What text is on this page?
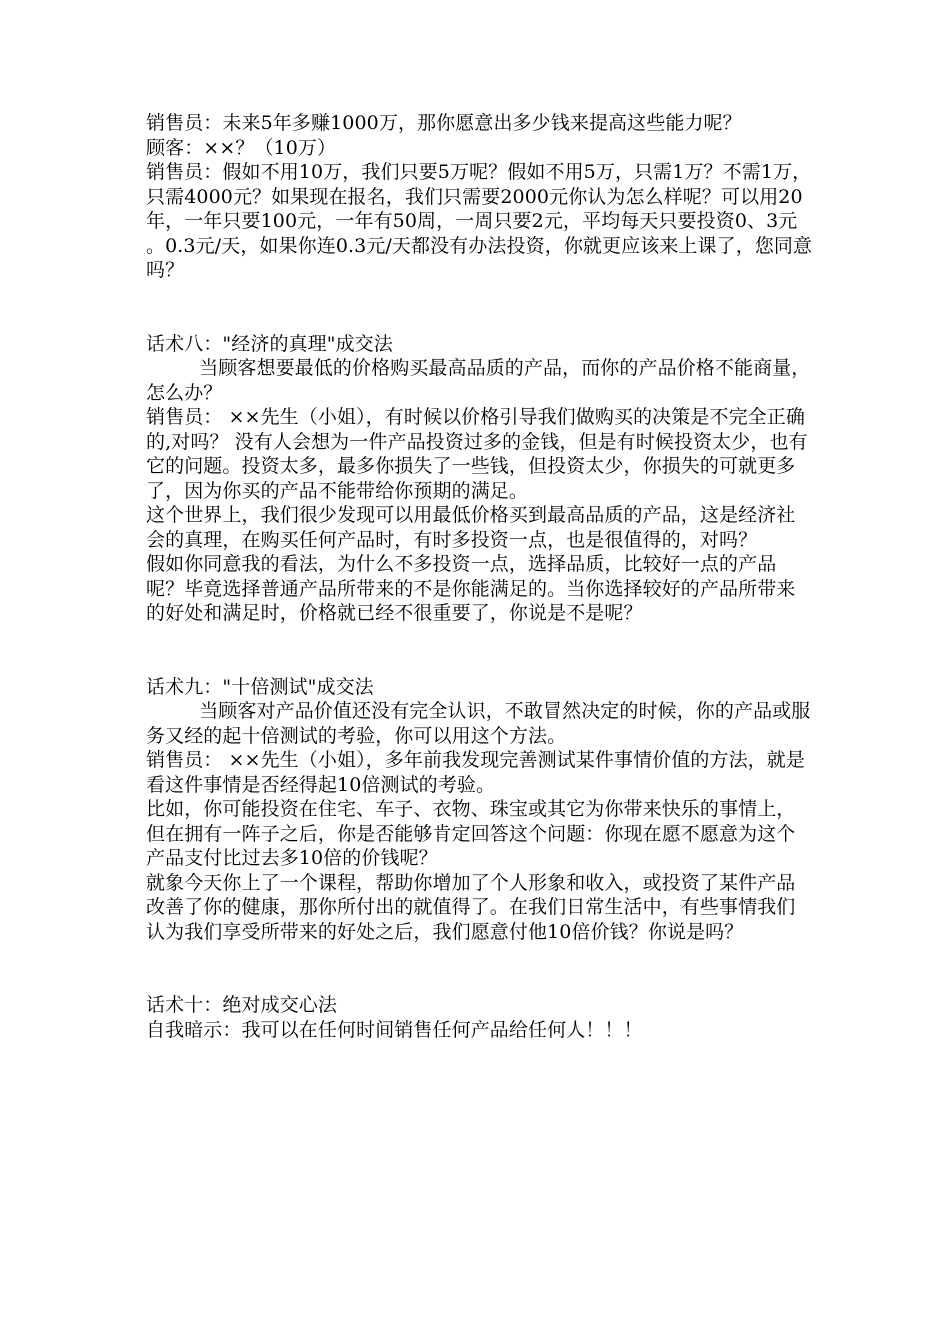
销售员：未来5年多赚1000万，那你愿意出多少钱来提高这些能力呢？

顾客：××？（10万）

销售员：假如不用10万，我们只要5万呢？假如不用5万，只需1万？不需1万，只需4000元？如果现在报名，我们只需要2000元你认为怎么样呢？可以用20年，一年只要100元，一年有50周，一周只要2元，平均每天只要投资0、3元 。0.3元/天，如果你连0.3元/天都没有办法投资，你就更应该来上课了，您同意吗？

话术八："经济的真理"成交法

当顾客想要最低的价格购买最高品质的产品，而你的产品价格不能商量，怎么办？

销售员： ××先生（小姐），有时候以价格引导我们做购买的决策是不完全正确的,对吗？ 没有人会想为一件产品投资过多的金钱，但是有时候投资太少，也有它的问题。投资太多，最多你损失了一些钱，但投资太少，你损失的可就更多了，因为你买的产品不能带给你预期的满足。

这个世界上，我们很少发现可以用最低价格买到最高品质的产品，这是经济社会的真理，在购买任何产品时，有时多投资一点，也是很值得的，对吗？

假如你同意我的看法，为什么不多投资一点，选择品质，比较好一点的产品呢？毕竟选择普通产品所带来的不是你能满足的。当你选择较好的产品所带来的好处和满足时，价格就已经不很重要了，你说是不是呢？

话术九："十倍测试"成交法

当顾客对产品价值还没有完全认识，不敢冒然决定的时候，你的产品或服务又经的起十倍测试的考验，你可以用这个方法。

销售员： ××先生（小姐），多年前我发现完善测试某件事情价值的方法，就是看这件事情是否经得起10倍测试的考验。

比如，你可能投资在住宅、车子、衣物、珠宝或其它为你带来快乐的事情上，但在拥有一阵子之后，你是否能够肯定回答这个问题：你现在愿不愿意为这个产品支付比过去多10倍的价钱呢？

就象今天你上了一个课程，帮助你增加了个人形象和收入，或投资了某件产品改善了你的健康，那你所付出的就值得了。在我们日常生活中，有些事情我们认为我们享受所带来的好处之后，我们愿意付他10倍价钱？你说是吗？

话术十：绝对成交心法

自我暗示：我可以在任何时间销售任何产品给任何人！！！
